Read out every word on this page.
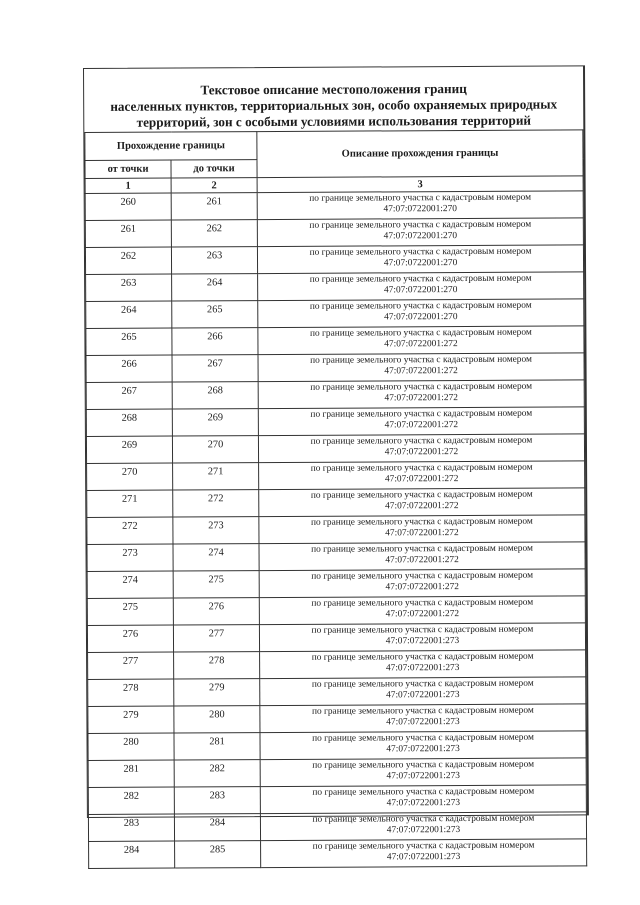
Текстовое описание местоположения границ
населенных пунктов, территориальных зон, особо охраняемых природных
территорий, зон с особыми условиями использования территорий
Прохождение границы		Описание прохождения границы
от точки	до точки	
1	2	3
260	261	по границе земельного участка с кадастровым номером
47:07:0722001:270

261	262	по границе земельного участка с кадастровым номером
47:07:0722001:270

262	263	по границе земельного участка с кадастровым номером
47:07:0722001:270

263	264	по границе земельного участка с кадастровым номером
47:07:0722001:270

264	265	по границе земельного участка с кадастровым номером
47:07:0722001:270

265	266	по границе земельного участка с кадастровым номером
47:07:0722001:272

266	267	по границе земельного участка с кадастровым номером
47:07:0722001:272

267	268	по границе земельного участка с кадастровым номером
47:07:0722001:272

268	269	по границе земельного участка с кадастровым номером
47:07:0722001:272

269	270	по границе земельного участка с кадастровым номером
47:07:0722001:272

270	271	по границе земельного участка с кадастровым номером
47:07:0722001:272

271	272	по границе земельного участка с кадастровым номером
47:07:0722001:272

272	273	по границе земельного участка с кадастровым номером
47:07:0722001:272

273	274	по границе земельного участка с кадастровым номером
47:07:0722001:272

274	275	по границе земельного участка с кадастровым номером
47:07:0722001:272

275	276	по границе земельного участка с кадастровым номером
47:07:0722001:272

276	277	по границе земельного участка с кадастровым номером
47:07:0722001:273

277	278	по границе земельного участка с кадастровым номером
47:07:0722001:273

278	279	по границе земельного участка с кадастровым номером
47:07:0722001:273

279	280	по границе земельного участка с кадастровым номером
47:07:0722001:273

280	281	по границе земельного участка с кадастровым номером
47:07:0722001:273

281	282	по границе земельного участка с кадастровым номером
47:07:0722001:273

282	283	по границе земельного участка с кадастровым номером
47:07:0722001:273

283	284	по границе земельного участка с кадастровым номером
47:07:0722001:273

284	285	по границе земельного участка с кадастровым номером
47:07:0722001:273
